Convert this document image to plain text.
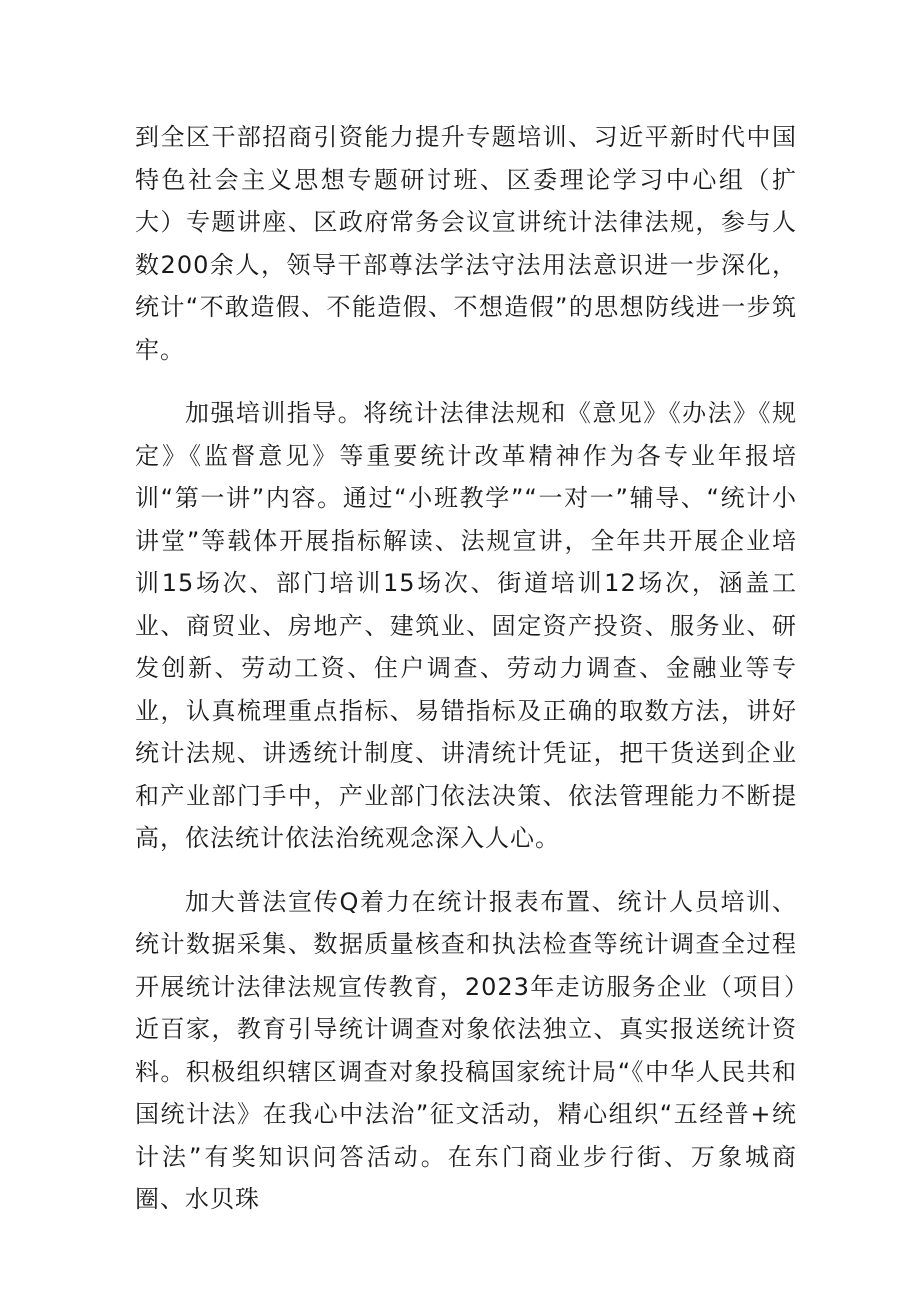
到全区干部招商引资能力提升专题培训、习近平新时代中国特色社会主义思想专题研讨班、区委理论学习中心组（扩大）专题讲座、区政府常务会议宣讲统计法律法规，参与人数200余人，领导干部尊法学法守法用法意识进一步深化，统计“不敢造假、不能造假、不想造假”的思想防线进一步筑牢。

加强培训指导。将统计法律法规和《意见》《办法》《规定》《监督意见》等重要统计改革精神作为各专业年报培训“第一讲”内容。通过“小班教学”“一对一”辅导、“统计小讲堂”等载体开展指标解读、法规宣讲，全年共开展企业培训15场次、部门培训15场次、街道培训12场次，涵盖工业、商贸业、房地产、建筑业、固定资产投资、服务业、研发创新、劳动工资、住户调查、劳动力调查、金融业等专业，认真梳理重点指标、易错指标及正确的取数方法，讲好统计法规、讲透统计制度、讲清统计凭证，把干货送到企业和产业部门手中，产业部门依法决策、依法管理能力不断提高，依法统计依法治统观念深入人心。

加大普法宣传Q着力在统计报表布置、统计人员培训、统计数据采集、数据质量核查和执法检查等统计调查全过程开展统计法律法规宣传教育，2023年走访服务企业（项目）近百家，教育引导统计调查对象依法独立、真实报送统计资料。积极组织辖区调查对象投稿国家统计局“《中华人民共和国统计法》在我心中法治”征文活动，精心组织“五经普+统计法”有奖知识问答活动。在东门商业步行街、万象城商圈、水贝珠
